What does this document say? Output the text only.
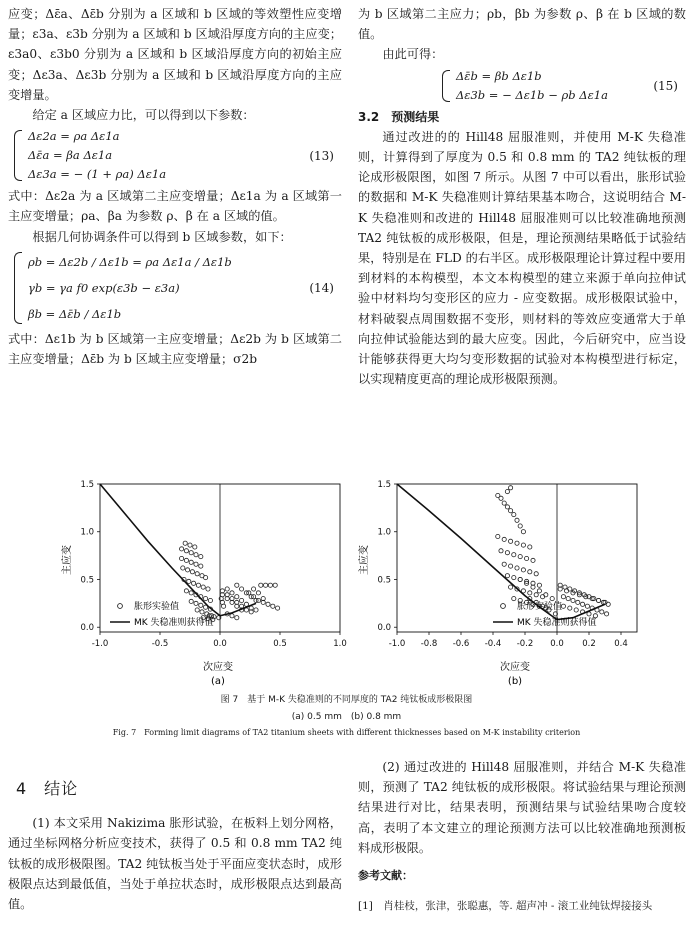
应变；Δε̄a、Δε̄b 分别为 a 区域和 b 区域的等效塑性应变增量；ε3a、ε3b 分别为 a 区域和 b 区域沿厚度方向的主应变；ε3a0、ε3b0 分别为 a 区域和 b 区域沿厚度方向的初始主应变；Δε3a、Δε3b 分别为 a 区域和 b 区域沿厚度方向的主应变增量。

给定 a 区域应力比，可以得到以下参数：

Δε2a = ρa Δε1a
Δε̄a = βa Δε1a
Δε3a = − (1 + ρa) Δε1a
(13)

式中：Δε2a 为 a 区域第二主应变增量；Δε1a 为 a 区域第一主应变增量；ρa、βa 为参数 ρ、β 在 a 区域的值。

根据几何协调条件可以得到 b 区域参数，如下：

ρb = Δε2b / Δε1b = ρa Δε1a / Δε1b
γb = γa f0 exp(ε3b − ε3a)
βb = Δε̄b / Δε1b
(14)

式中：Δε1b 为 b 区域第一主应变增量；Δε2b 为 b 区域第二主应变增量；Δε̄b 为 b 区域主应变增量；σ2b

为 b 区域第二主应力；ρb，βb 为参数 ρ、β 在 b 区域的数值。

由此可得：

Δε̄b = βb Δε1b
Δε3b = − Δε1b − ρb Δε1a
(15)

3.2　预测结果

通过改进的的 Hill48 屈服准则，并使用 M-K 失稳准则，计算得到了厚度为 0.5 和 0.8 mm 的 TA2 纯钛板的理论成形极限图，如图 7 所示。从图 7 中可以看出，胀形试验的数据和 M-K 失稳准则计算结果基本吻合，这说明结合 M-K 失稳准则和改进的 Hill48 屈服准则可以比较准确地预测 TA2 纯钛板的成形极限，但是，理论预测结果略低于试验结果，特别是在 FLD 的右半区。成形极限理论计算过程中要用到材料的本构模型，本文本构模型的建立来源于单向拉伸试验中材料均匀变形区的应力 - 应变数据。成形极限试验中，材料破裂点周围数据不变形，则材料的等效应变通常大于单向拉伸试验能达到的最大应变。因此，今后研究中，应当设计能够获得更大均匀变形数据的试验对本构模型进行标定，以实现精度更高的理论成形极限预测。

-1.0	-0.5	0.0	0.5	1.0
0.0
0.5
1.0
1.5
主应变
次应变
(a)
胀形实验值
MK 失稳准则获得值
-1.0 -0.8 -0.6 -0.4 -0.2 0.0 0.2 0.4
0.0
0.5
1.0
1.5
主应变
次应变
(b)
胀形实验值
MK 失稳准则获得值
图 7　基于 M-K 失稳准则的不同厚度的 TA2 纯钛板成形极限图
(a) 0.5 mm　(b) 0.8 mm
Fig. 7　Forming limit diagrams of TA2 titanium sheets with different thicknesses based on M-K instability criterion

4　结论

(1) 本文采用 Nakizima 胀形试验，在板料上划分网格，通过坐标网格分析应变技术，获得了 0.5 和 0.8 mm TA2 纯钛板的成形极限图。TA2 纯钛板当处于平面应变状态时，成形极限点达到最低值，当处于单拉状态时，成形极限点达到最高值。

(2) 通过改进的 Hill48 屈服准则，并结合 M-K 失稳准则，预测了 TA2 纯钛板的成形极限。将试验结果与理论预测结果进行对比，结果表明，预测结果与试验结果吻合度较高，表明了本文建立的理论预测方法可以比较准确地预测板料成形极限。

参考文献：

[1]　肖桂枝，张津，张聪惠，等. 超声冲 - 滚工业纯钛焊接接头
